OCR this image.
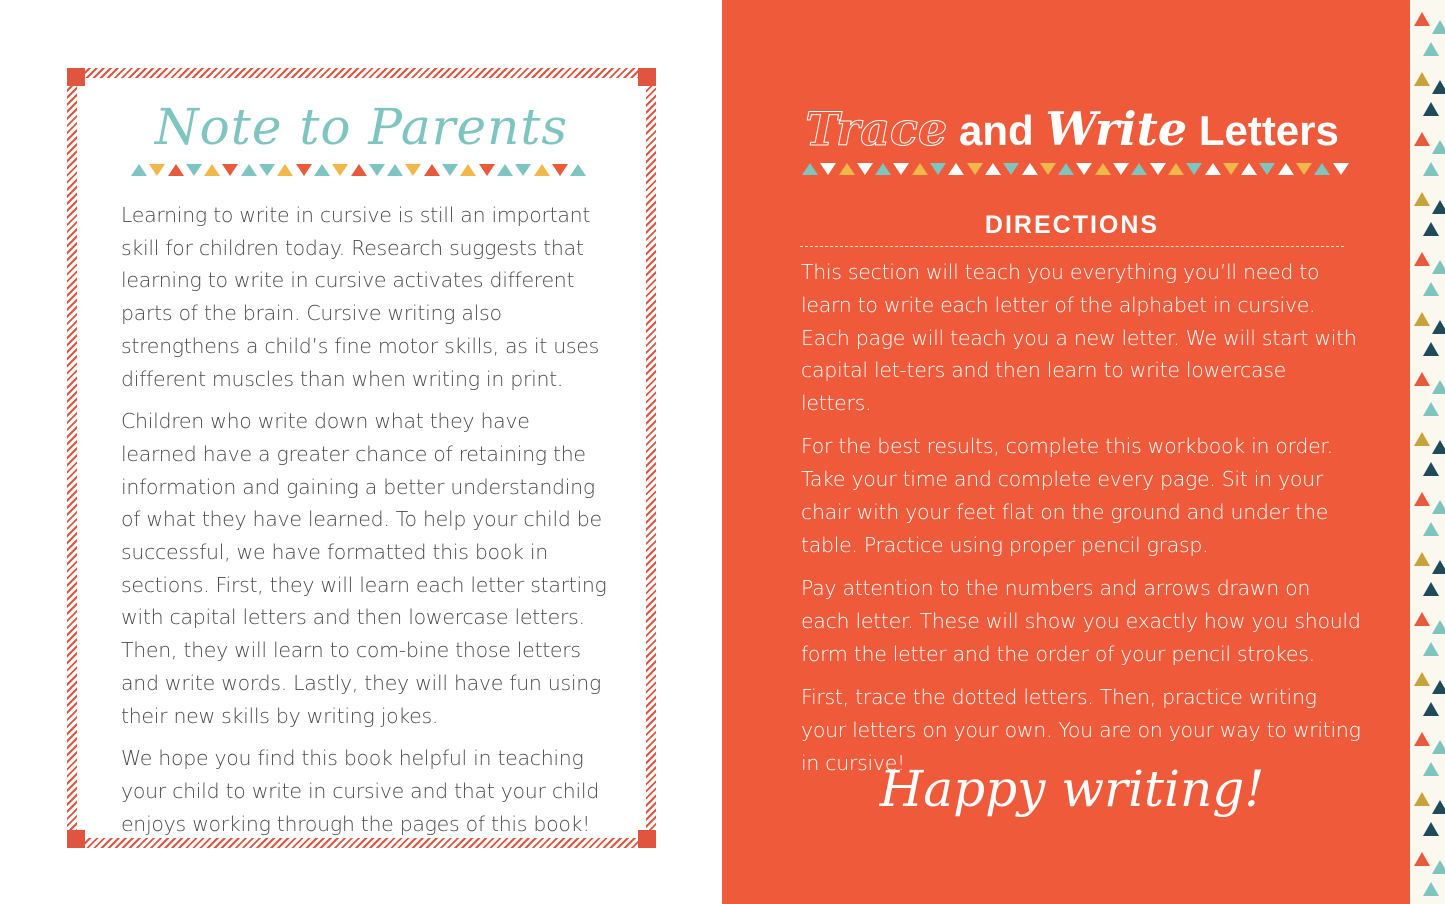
Note to Parents

Learning to write in cursive is still an important skill for children today. Research suggests that learning to write in cursive activates different parts of the brain. Cursive writing also strengthens a child’s fine motor skills, as it uses different muscles than when writing in print.

Children who write down what they have learned have a greater chance of retaining the information and gaining a better understanding of what they have learned. To help your child be successful, we have formatted this book in sections. First, they will learn each letter starting with capital letters and then lowercase letters. Then, they will learn to com-bine those letters and write words. Lastly, they will have fun using their new skills by writing jokes.

We hope you find this book helpful in teaching your child to write in cursive and that your child enjoys working through the pages of this book!

Trace and Write Letters
DIRECTIONS

This section will teach you everything you’ll need to learn to write each letter of the alphabet in cursive. Each page will teach you a new letter. We will start with capital let-ters and then learn to write lowercase letters.

For the best results, complete this workbook in order. Take your time and complete every page. Sit in your chair with your feet flat on the ground and under the table. Practice using proper pencil grasp.

Pay attention to the numbers and arrows drawn on each letter. These will show you exactly how you should form the letter and the order of your pencil strokes.

First, trace the dotted letters. Then, practice writing your letters on your own. You are on your way to writing in cursive!

Happy writing!
